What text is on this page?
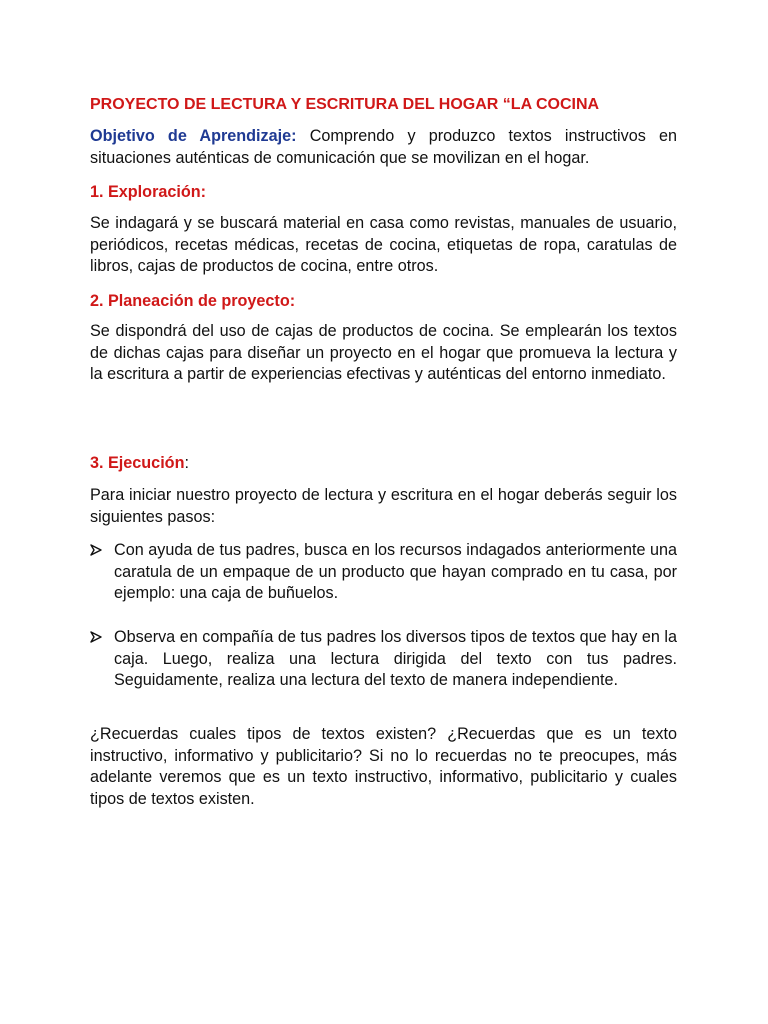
PROYECTO DE LECTURA Y ESCRITURA DEL HOGAR “LA COCINA

Objetivo de Aprendizaje: Comprendo y produzco textos instructivos en situaciones auténticas de comunicación que se movilizan en el hogar.

1. Exploración:

Se indagará y se buscará material en casa como revistas, manuales de usuario, periódicos, recetas médicas, recetas de cocina, etiquetas de ropa, caratulas de libros, cajas de productos de cocina, entre otros.

2. Planeación de proyecto:

Se dispondrá del uso de cajas de productos de cocina. Se emplearán los textos de dichas cajas para diseñar un proyecto en el hogar que promueva la lectura y la escritura a partir de experiencias efectivas y auténticas del entorno inmediato.

3. Ejecución:

Para iniciar nuestro proyecto de lectura y escritura en el hogar deberás seguir los siguientes pasos:

Con ayuda de tus padres, busca en los recursos indagados anteriormente una caratula de un empaque de un producto que hayan comprado en tu casa, por ejemplo: una caja de buñuelos.
Observa en compañía de tus padres los diversos tipos de textos que hay en la caja. Luego, realiza una lectura dirigida del texto con tus padres. Seguidamente, realiza una lectura del texto de manera independiente.

¿Recuerdas cuales tipos de textos existen? ¿Recuerdas que es un texto instructivo, informativo y publicitario? Si no lo recuerdas no te preocupes, más adelante veremos que es un texto instructivo, informativo, publicitario y cuales tipos de textos existen.
